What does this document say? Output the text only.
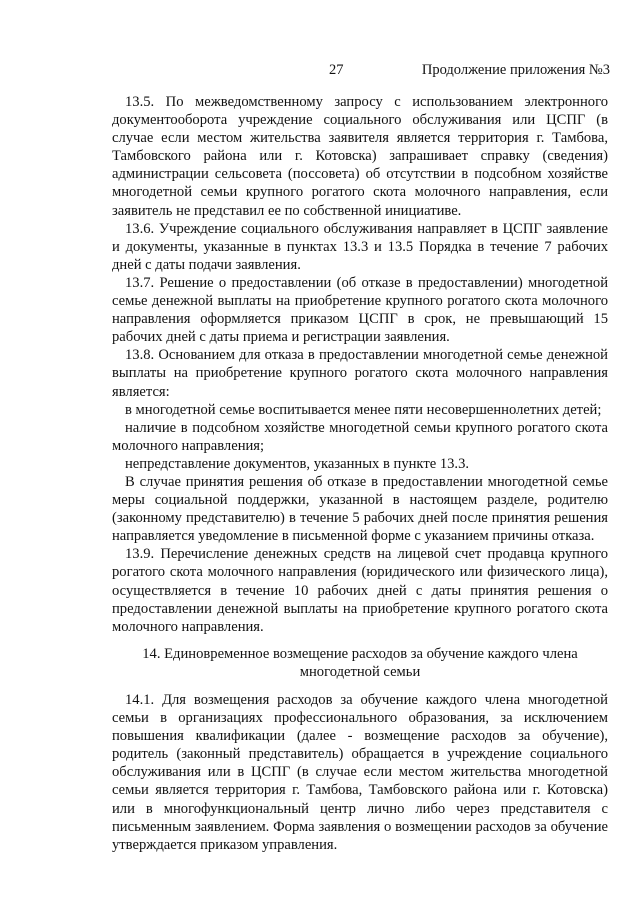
27	Продолжение приложения №3

13.5. По межведомственному запросу с использованием электронного документооборота учреждение социального обслуживания или ЦСПГ (в случае если местом жительства заявителя является территория г. Тамбова, Тамбовского района или г. Котовска) запрашивает справку (сведения) администрации сельсовета (поссовета) об отсутствии в подсобном хозяйстве многодетной семьи крупного рогатого скота молочного направления, если заявитель не представил ее по собственной инициативе.

13.6. Учреждение социального обслуживания направляет в ЦСПГ заявление и документы, указанные в пунктах 13.3 и 13.5 Порядка в течение 7 рабочих дней с даты подачи заявления.

13.7. Решение о предоставлении (об отказе в предоставлении) многодетной семье денежной выплаты на приобретение крупного рогатого скота молочного направления оформляется приказом ЦСПГ в срок, не превышающий 15 рабочих дней с даты приема и регистрации заявления.

13.8. Основанием для отказа в предоставлении многодетной семье денежной выплаты на приобретение крупного рогатого скота молочного направления является:

в многодетной семье воспитывается менее пяти несовершеннолетних детей;

наличие в подсобном хозяйстве многодетной семьи крупного рогатого скота молочного направления;

непредставление документов, указанных в пункте 13.3.

В случае принятия решения об отказе в предоставлении многодетной семье меры социальной поддержки, указанной в настоящем разделе, родителю (законному представителю) в течение 5 рабочих дней после принятия решения направляется уведомление в письменной форме с указанием причины отказа.

13.9. Перечисление денежных средств на лицевой счет продавца крупного рогатого скота молочного направления (юридического или физического лица), осуществляется в течение 10 рабочих дней с даты принятия решения о предоставлении денежной выплаты на приобретение крупного рогатого скота молочного направления.

14. Единовременное возмещение расходов за обучение каждого члена многодетной семьи

14.1. Для возмещения расходов за обучение каждого члена многодетной семьи в организациях профессионального образования, за исключением повышения квалификации (далее - возмещение расходов за обучение), родитель (законный представитель) обращается в учреждение социального обслуживания или в ЦСПГ (в случае если местом жительства многодетной семьи является территория г. Тамбова, Тамбовского района или г. Котовска) или в многофункциональный центр лично либо через представителя с письменным заявлением. Форма заявления о возмещении расходов за обучение утверждается приказом управления.
